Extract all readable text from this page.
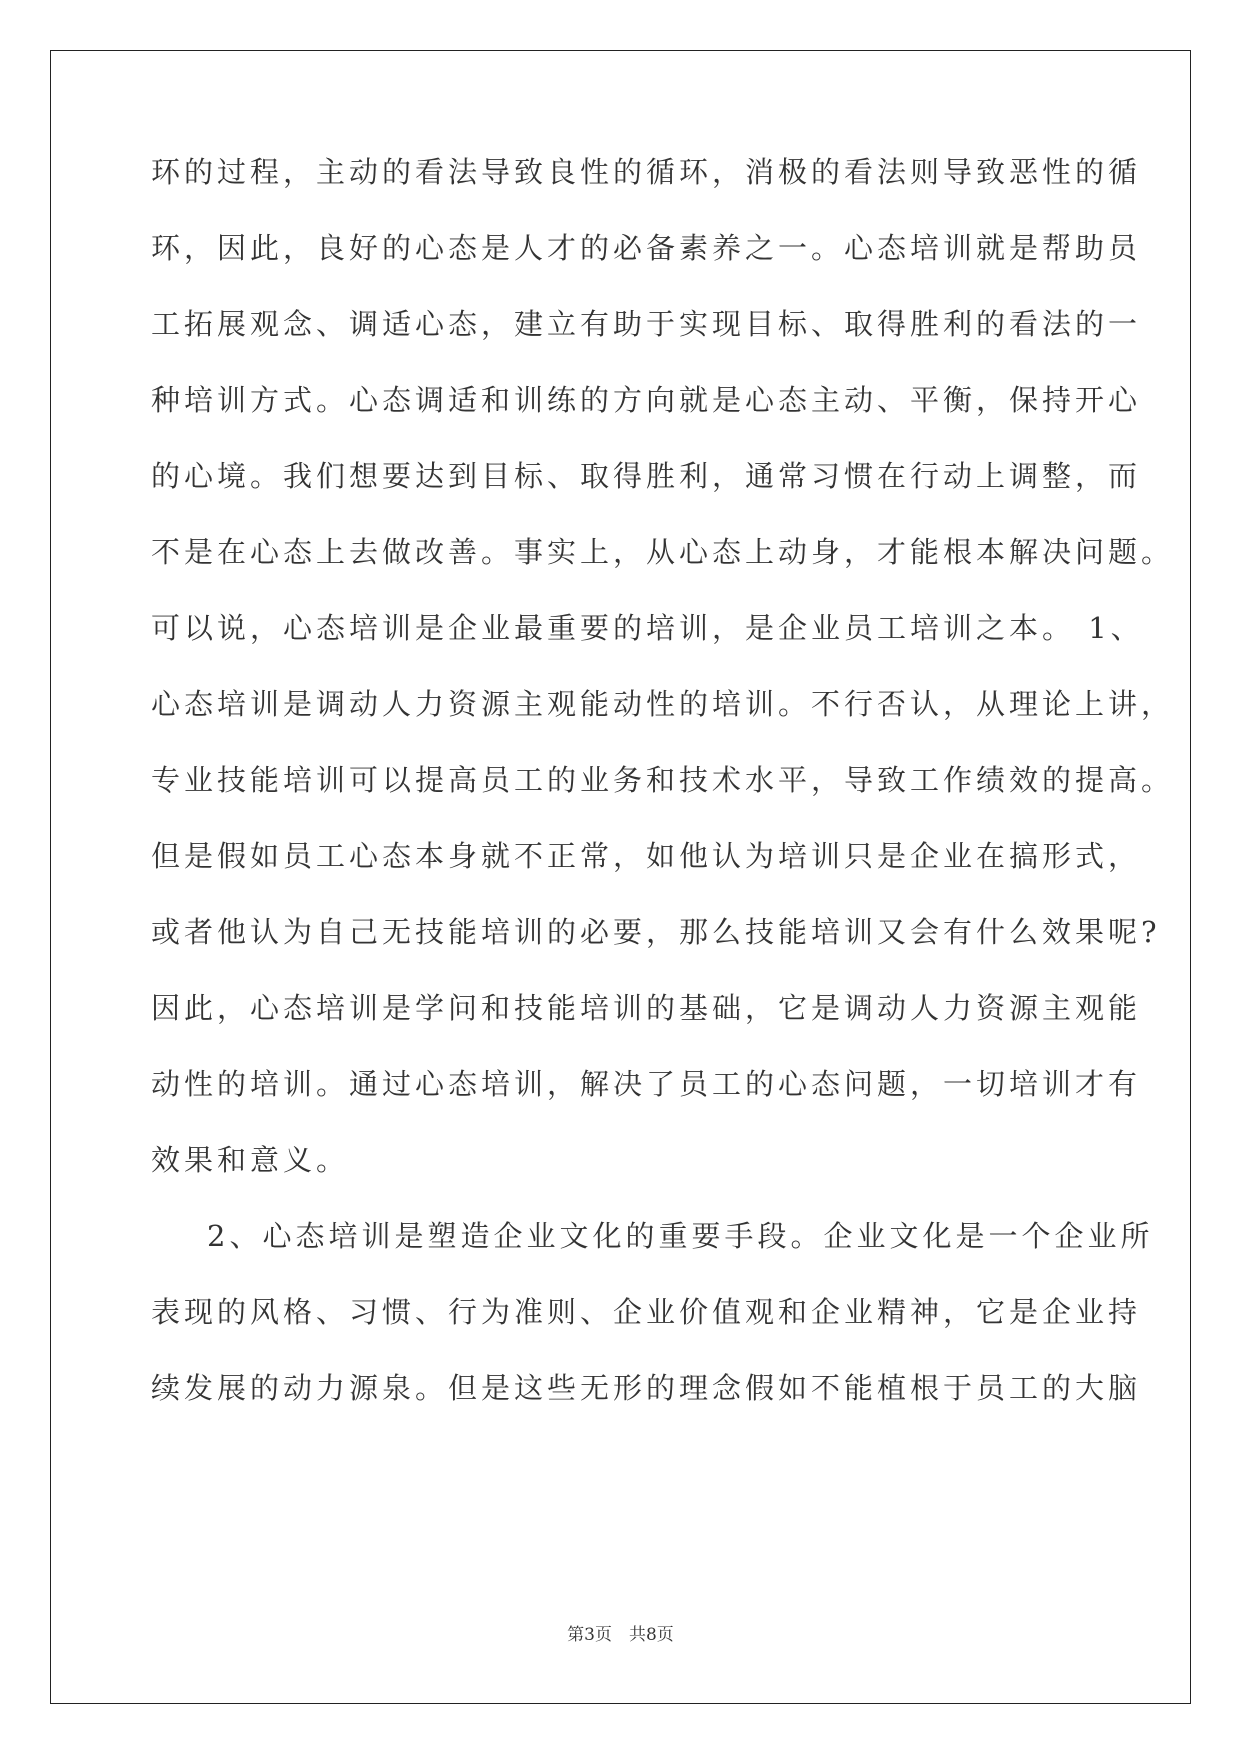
环的过程，主动的看法导致良性的循环，消极的看法则导致恶性的循
环，因此，良好的心态是人才的必备素养之一。心态培训就是帮助员
工拓展观念、调适心态，建立有助于实现目标、取得胜利的看法的一
种培训方式。心态调适和训练的方向就是心态主动、平衡，保持开心
的心境。我们想要达到目标、取得胜利，通常习惯在行动上调整，而
不是在心态上去做改善。事实上，从心态上动身，才能根本解决问题。
可以说，心态培训是企业最重要的培训，是企业员工培训之本。 1、
心态培训是调动人力资源主观能动性的培训。不行否认，从理论上讲，
专业技能培训可以提高员工的业务和技术水平，导致工作绩效的提高。
但是假如员工心态本身就不正常，如他认为培训只是企业在搞形式，
或者他认为自己无技能培训的必要，那么技能培训又会有什么效果呢?
因此，心态培训是学问和技能培训的基础，它是调动人力资源主观能
动性的培训。通过心态培训，解决了员工的心态问题，一切培训才有
效果和意义。
2、心态培训是塑造企业文化的重要手段。企业文化是一个企业所
表现的风格、习惯、行为准则、企业价值观和企业精神，它是企业持
续发展的动力源泉。但是这些无形的理念假如不能植根于员工的大脑
第3页　共8页
